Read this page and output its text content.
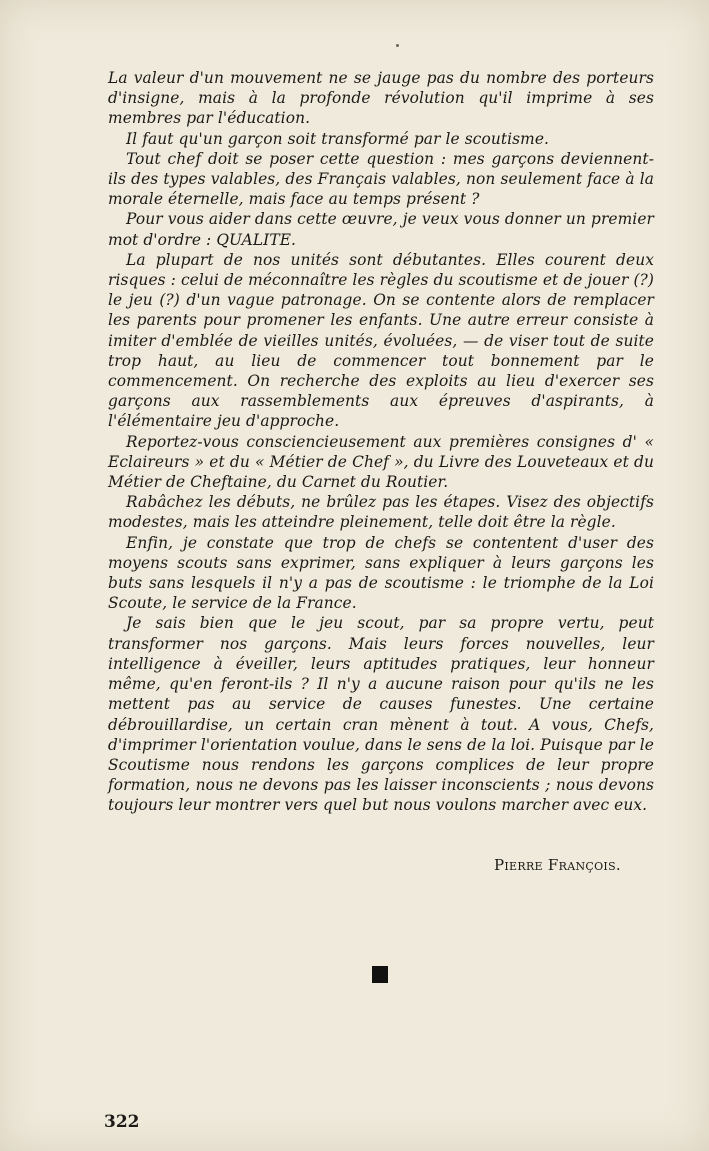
La valeur d'un mouvement ne se jauge pas du nombre des porteurs d'insigne, mais à la profonde révolution qu'il imprime à ses membres par l'éducation.

Il faut qu'un garçon soit transformé par le scoutisme.

Tout chef doit se poser cette question : mes garçons deviennent-ils des types valables, des Français valables, non seulement face à la morale éternelle, mais face au temps présent ?

Pour vous aider dans cette œuvre, je veux vous donner un premier mot d'ordre : QUALITE.

La plupart de nos unités sont débutantes. Elles courent deux risques : celui de méconnaître les règles du scoutisme et de jouer (?) le jeu (?) d'un vague patronage. On se contente alors de remplacer les parents pour promener les enfants. Une autre erreur consiste à imiter d'emblée de vieilles unités, évoluées, — de viser tout de suite trop haut, au lieu de commencer tout bonnement par le commencement. On recherche des exploits au lieu d'exercer ses garçons aux rassemblements aux épreuves d'aspirants, à l'élémentaire jeu d'approche.

Reportez-vous consciencieusement aux premières consignes d' « Eclaireurs » et du « Métier de Chef », du Livre des Louveteaux et du Métier de Cheftaine, du Carnet du Routier.

Rabâchez les débuts, ne brûlez pas les étapes. Visez des objectifs modestes, mais les atteindre pleinement, telle doit être la règle.

Enfin, je constate que trop de chefs se contentent d'user des moyens scouts sans exprimer, sans expliquer à leurs garçons les buts sans lesquels il n'y a pas de scoutisme : le triomphe de la Loi Scoute, le service de la France.

Je sais bien que le jeu scout, par sa propre vertu, peut transformer nos garçons. Mais leurs forces nouvelles, leur intelligence à éveiller, leurs aptitudes pratiques, leur honneur même, qu'en feront-ils ? Il n'y a aucune raison pour qu'ils ne les mettent pas au service de causes funestes. Une certaine débrouillardise, un certain cran mènent à tout. A vous, Chefs, d'imprimer l'orientation voulue, dans le sens de la loi. Puisque par le Scoutisme nous rendons les garçons complices de leur propre formation, nous ne devons pas les laisser inconscients ; nous devons toujours leur montrer vers quel but nous voulons marcher avec eux.

Pierre François.
322
